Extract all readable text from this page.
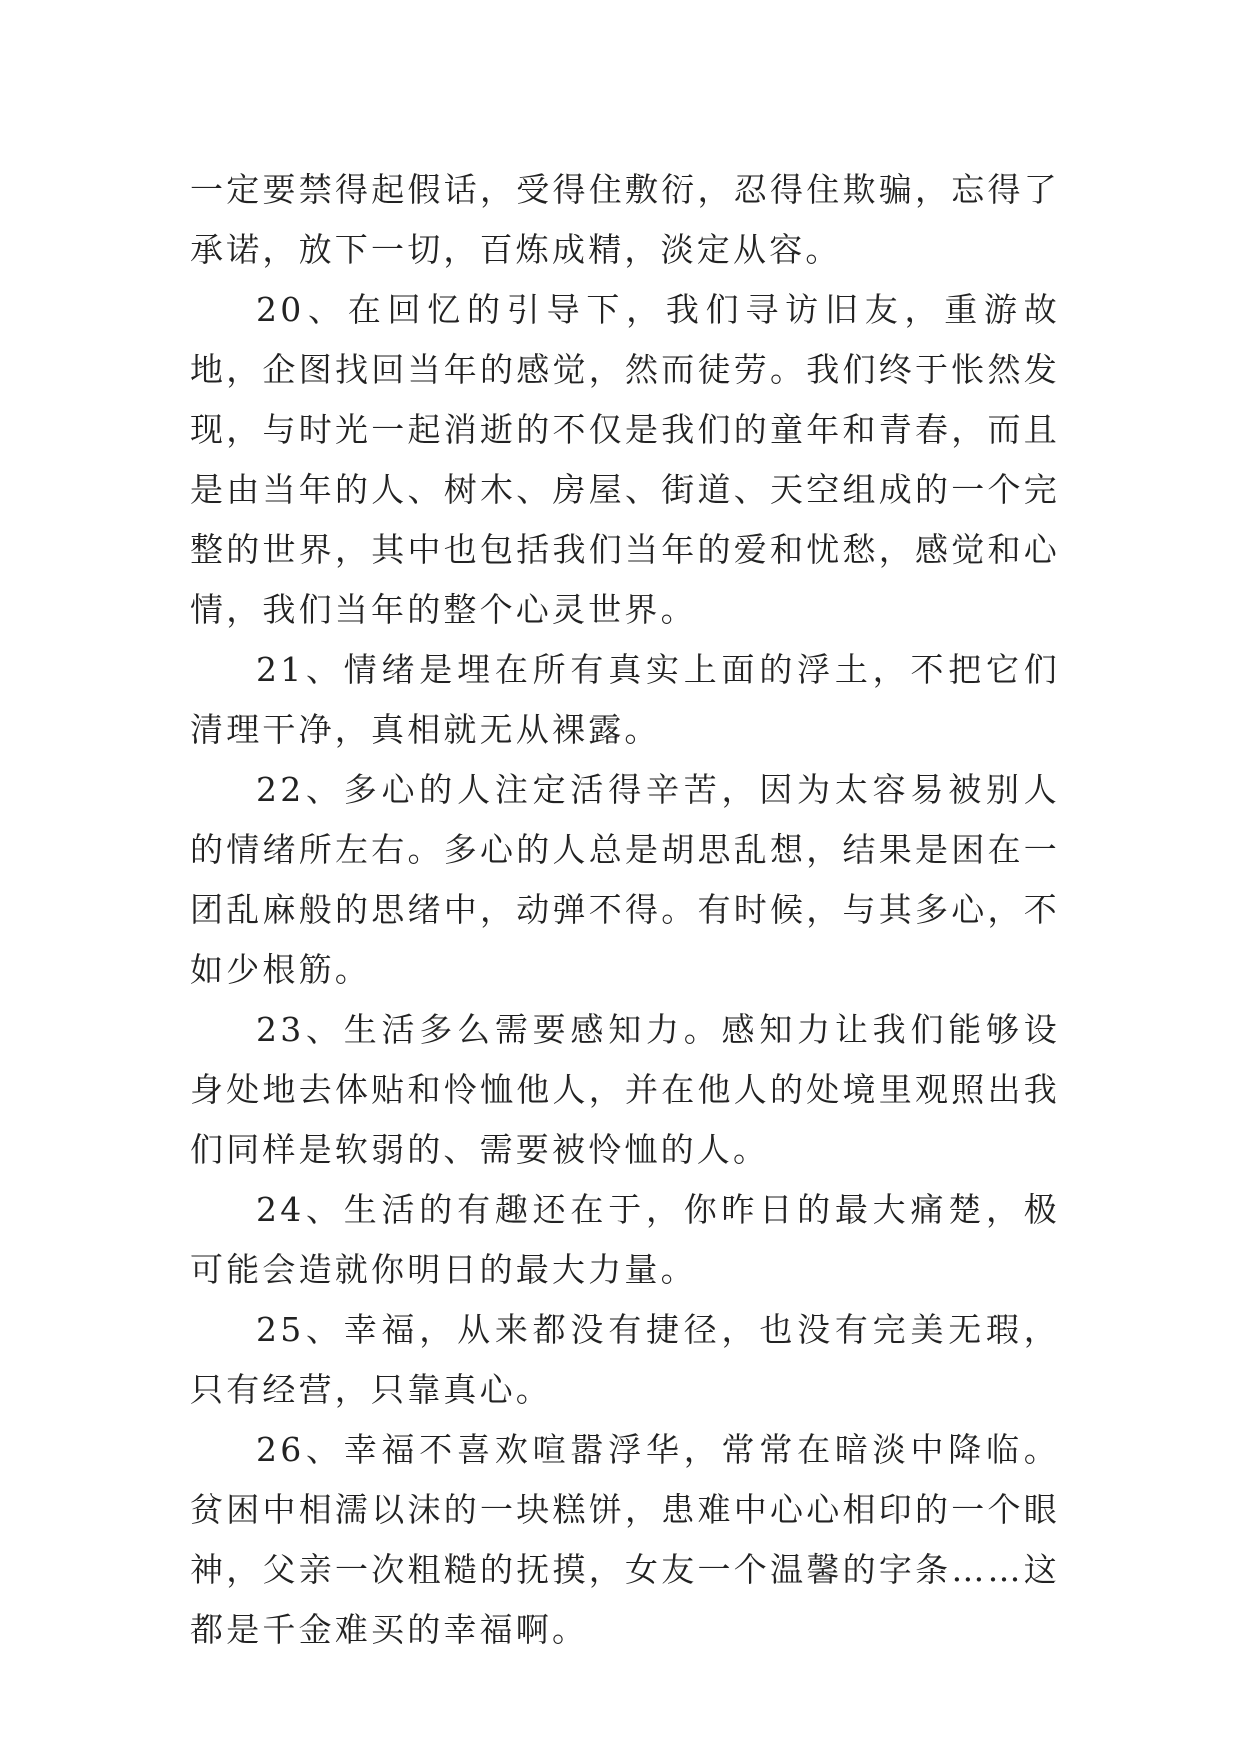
一定要禁得起假话，受得住敷衍，忍得住欺骗，忘得了承诺，放下一切，百炼成精，淡定从容。

20、在回忆的引导下，我们寻访旧友，重游故地，企图找回当年的感觉，然而徒劳。我们终于怅然发现，与时光一起消逝的不仅是我们的童年和青春，而且是由当年的人、树木、房屋、街道、天空组成的一个完整的世界，其中也包括我们当年的爱和忧愁，感觉和心情，我们当年的整个心灵世界。

21、情绪是埋在所有真实上面的浮土，不把它们清理干净，真相就无从裸露。

22、多心的人注定活得辛苦，因为太容易被别人的情绪所左右。多心的人总是胡思乱想，结果是困在一团乱麻般的思绪中，动弹不得。有时候，与其多心，不如少根筋。

23、生活多么需要感知力。感知力让我们能够设身处地去体贴和怜恤他人，并在他人的处境里观照出我们同样是软弱的、需要被怜恤的人。

24、生活的有趣还在于，你昨日的最大痛楚，极可能会造就你明日的最大力量。

25、幸福，从来都没有捷径，也没有完美无瑕，只有经营，只靠真心。

26、幸福不喜欢喧嚣浮华，常常在暗淡中降临。贫困中相濡以沫的一块糕饼，患难中心心相印的一个眼神，父亲一次粗糙的抚摸，女友一个温馨的字条……这都是千金难买的幸福啊。
